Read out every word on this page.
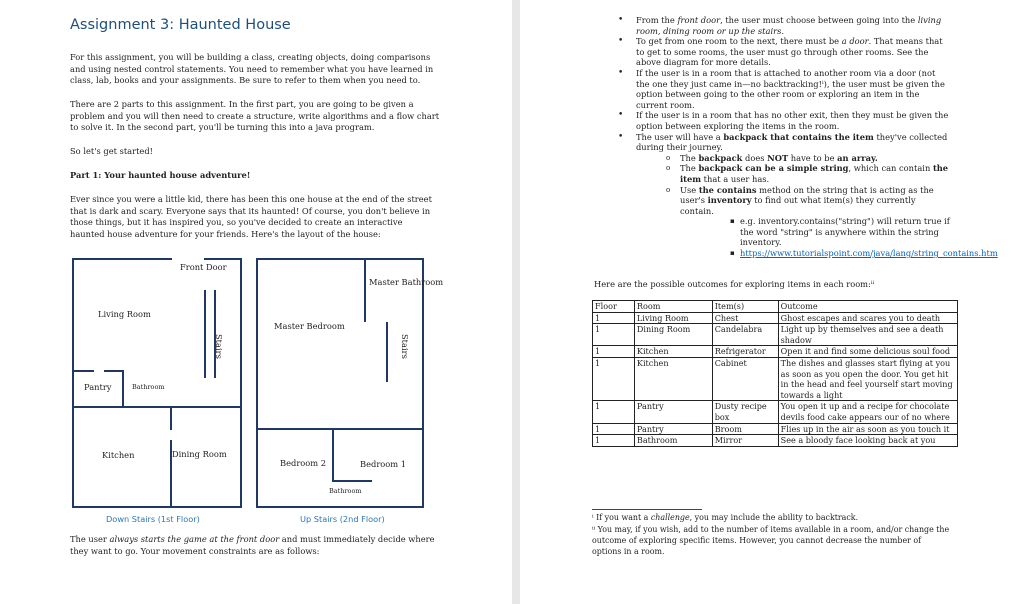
Assignment 3: Haunted House

For this assignment, you will be building a class, creating objects, doing comparisons and using nested control statements. You need to remember what you have learned in class, lab, books and your assignments. Be sure to refer to them when you need to.

There are 2 parts to this assignment. In the first part, you are going to be given a problem and you will then need to create a structure, write algorithms and a flow chart to solve it. In the second part, you'll be turning this into a java program.

So let's get started!

Part 1: Your haunted house adventure!

Ever since you were a little kid, there has been this one house at the end of the street that is dark and scary. Everyone says that its haunted! Of course, you don't believe in those things, but it has inspired you, so you've decided to create an interactive haunted house adventure for your friends. Here's the layout of the house:

Front Door
Living Room
Stairs
Pantry	Bathroom
Kitchen	Dining Room
Down Stairs (1st Floor)
Master Bathroom
Master Bedroom
Stairs
Bedroom 2	Bedroom 1
Bathroom
Up Stairs (2nd Floor)

The user always starts the game at the front door and must immediately decide where they want to go. Your movement constraints are as follows:

• From the front door, the user must choose between going into the living room, dining room or up the stairs.
• To get from one room to the next, there must be a door. That means that to get to some rooms, the user must go through other rooms. See the above diagram for more details.
• If the user is in a room that is attached to another room via a door (not the one they just came in—no backtracking!ⁱ), the user must be given the option between going to the other room or exploring an item in the current room.
• If the user is in a room that has no other exit, then they must be given the option between exploring the items in the room.
• The user will have a backpack that contains the item they've collected during their journey.
o The backpack does NOT have to be an array.
o The backpack can be a simple string, which can contain the item that a user has.
o Use the contains method on the string that is acting as the user's inventory to find out what item(s) they currently contain.
▪ e.g. inventory.contains("string") will return true if the word "string" is anywhere within the string inventory.
▪ https://www.tutorialspoint.com/java/lang/string_contains.htm

Here are the possible outcomes for exploring items in each room:ⁱⁱ

Floor	Room	Item(s)	Outcome
1	Living Room	Chest	Ghost escapes and scares you to death
1	Dining Room	Candelabra	Light up by themselves and see a death shadow
1	Kitchen	Refrigerator	Open it and find some delicious soul food
1	Kitchen	Cabinet	The dishes and glasses start flying at you as soon as you open the door. You get hit in the head and feel yourself start moving towards a light
1	Pantry	Dusty recipe box	You open it up and a recipe for chocolate devils food cake appears our of no where
1	Pantry	Broom	Flies up in the air as soon as you touch it
1	Bathroom	Mirror	See a bloody face looking back at you

ⁱ If you want a challenge, you may include the ability to backtrack.

ⁱⁱ You may, if you wish, add to the number of items available in a room, and/or change the outcome of exploring specific items. However, you cannot decrease the number of options in a room.
